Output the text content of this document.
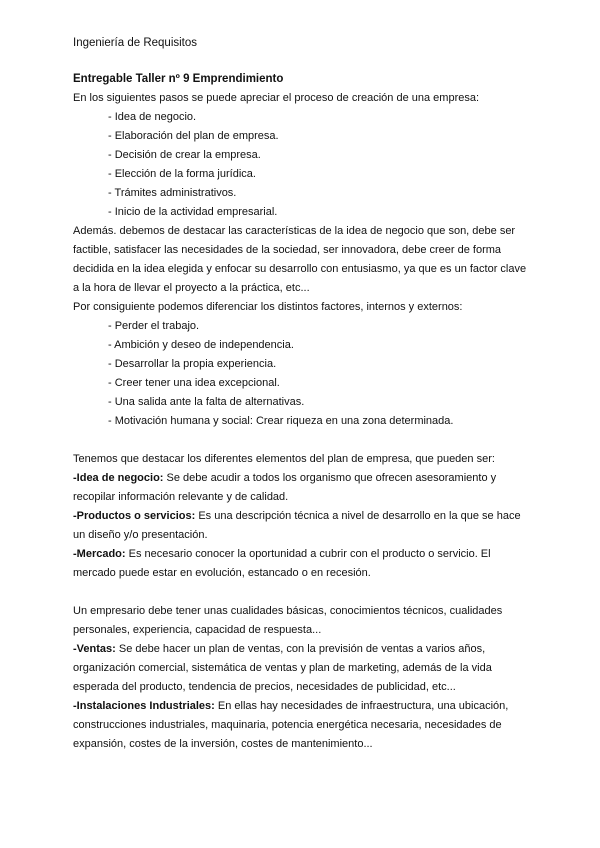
Ingeniería de Requisitos

Entregable Taller nº 9 Emprendimiento

En los siguientes pasos se puede apreciar el proceso de creación de una empresa:

- Idea de negocio.
- Elaboración del plan de empresa.
- Decisión de crear la empresa.
- Elección de la forma jurídica.
- Trámites administrativos.
- Inicio de la actividad empresarial.

Además. debemos de destacar las características de la idea de negocio que son, debe ser factible, satisfacer las necesidades de la sociedad, ser innovadora, debe creer de forma decidida en la idea elegida y enfocar su desarrollo con entusiasmo, ya que es un factor clave a la hora de llevar el proyecto a la práctica, etc...

Por consiguiente podemos diferenciar los distintos factores, internos y externos:

- Perder el trabajo.
- Ambición y deseo de independencia.
- Desarrollar la propia experiencia.
- Creer tener una idea excepcional.
- Una salida ante la falta de alternativas.
- Motivación humana y social: Crear riqueza en una zona determinada.

Tenemos que destacar los diferentes elementos del plan de empresa, que pueden ser:

-Idea de negocio: Se debe acudir a todos los organismo que ofrecen asesoramiento y recopilar información relevante y de calidad.

-Productos o servicios: Es una descripción técnica a nivel de desarrollo en la que se hace un diseño y/o presentación.

-Mercado: Es necesario conocer la oportunidad a cubrir con el producto o servicio. El mercado puede estar en evolución, estancado o en recesión.

Un empresario debe tener unas cualidades básicas, conocimientos técnicos, cualidades personales, experiencia, capacidad de respuesta...

-Ventas: Se debe hacer un plan de ventas, con la previsión de ventas a varios años, organización comercial, sistemática de ventas y plan de marketing, además de la vida esperada del producto, tendencia de precios, necesidades de publicidad, etc...

-Instalaciones Industriales: En ellas hay necesidades de infraestructura, una ubicación, construcciones industriales, maquinaria, potencia energética necesaria, necesidades de expansión, costes de la inversión, costes de mantenimiento...
